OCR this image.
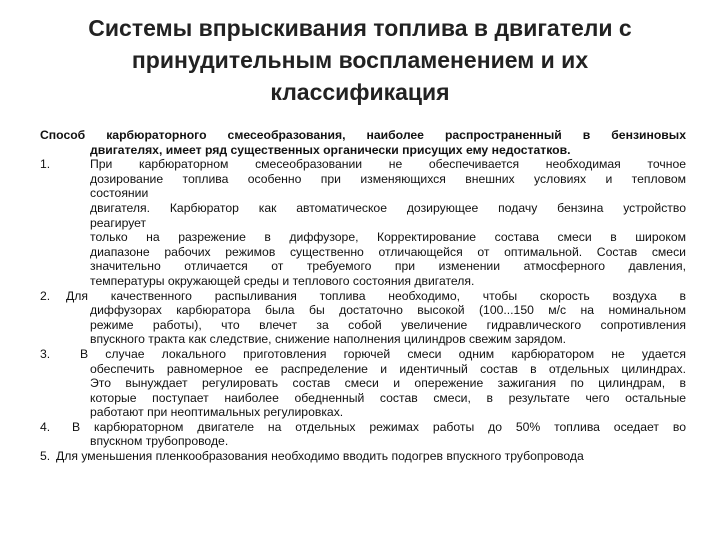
Системы впрыскивания топлива в двигатели с
принудительным воспламенением и их
классификация

Способ карбюраторного смесеобразования, наиболее распространенный в бензиновых
двигателях, имеет ряд существенных органически присущих ему недостатков.

1.	При карбюраторном смесеобразовании не обеспечивается необходимая точное
дозирование топлива особенно при изменяющихся внешних условиях и тепловом
состоянии
двигателя. Карбюратор как автоматическое дозирующее подачу бензина устройство
реагирует
только на разрежение в диффузоре, Корректирование состава смеси в широком
диапазоне рабочих режимов существенно отличающейся от оптимальной. Состав смеси
значительно отличается от требуемого при изменении атмосферного давления,
температуры окружающей среды и теплового состояния двигателя.
2.	Для качественного распыливания топлива необходимо, чтобы скорость воздуха в
диффузорах карбюратора была бы достаточно высокой (100...150 м/с на номинальном
режиме работы), что влечет за собой увеличение гидравлического сопротивления
впускного тракта как следствие, снижение наполнения цилиндров свежим зарядом.
3.	В случае локального приготовления горючей смеси одним карбюратором не удается
обеспечить равномерное ее распределение и идентичный состав в отдельных цилиндрах.
Это вынуждает регулировать состав смеси и опережение зажигания по цилиндрам, в
которые поступает наиболее обедненный состав смеси, в результате чего остальные
работают при неоптимальных регулировках.
4.	В карбюраторном двигателе на отдельных режимах работы до 50% топлива оседает во
впускном трубопроводе.
5. Для уменьшения пленкообразования необходимо вводить подогрев впускного трубопровода
